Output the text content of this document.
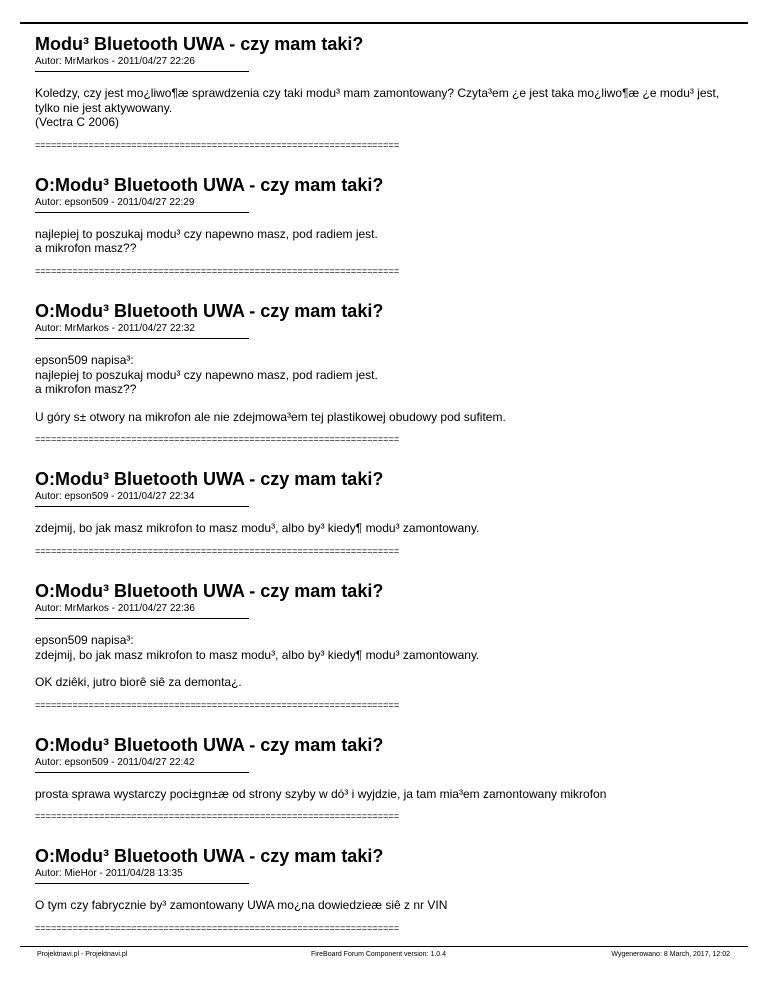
Modu³ Bluetooth UWA - czy mam taki?
Autor: MrMarkos - 2011/04/27 22:26

Koledzy, czy jest mo¿liwo¶æ sprawdzenia czy taki modu³ mam zamontowany? Czyta³em ¿e jest taka mo¿liwo¶æ ¿e modu³ jest, tylko nie jest aktywowany.

(Vectra C 2006)

====================================================================
O:Modu³ Bluetooth UWA - czy mam taki?
Autor: epson509 - 2011/04/27 22:29

najlepiej to poszukaj modu³ czy napewno masz, pod radiem jest.

a mikrofon masz??

====================================================================
O:Modu³ Bluetooth UWA - czy mam taki?
Autor: MrMarkos - 2011/04/27 22:32

epson509 napisa³:

najlepiej to poszukaj modu³ czy napewno masz, pod radiem jest.

a mikrofon masz??

U góry s± otwory na mikrofon ale nie zdejmowa³em tej plastikowej obudowy pod sufitem.

====================================================================
O:Modu³ Bluetooth UWA - czy mam taki?
Autor: epson509 - 2011/04/27 22:34

zdejmij, bo jak masz mikrofon to masz modu³, albo by³ kiedy¶ modu³ zamontowany.

====================================================================
O:Modu³ Bluetooth UWA - czy mam taki?
Autor: MrMarkos - 2011/04/27 22:36

epson509 napisa³:

zdejmij, bo jak masz mikrofon to masz modu³, albo by³ kiedy¶ modu³ zamontowany.

OK dziêki, jutro biorê siê za demonta¿.

====================================================================
O:Modu³ Bluetooth UWA - czy mam taki?
Autor: epson509 - 2011/04/27 22:42

prosta sprawa wystarczy poci±gn±æ od strony szyby w dó³ i wyjdzie, ja tam mia³em zamontowany mikrofon

====================================================================
O:Modu³ Bluetooth UWA - czy mam taki?
Autor: MieHor - 2011/04/28 13:35

O tym czy fabrycznie by³ zamontowany UWA mo¿na dowiedzieæ siê z nr VIN

====================================================================
Projektnavi.pl - Projektnavi.pl	FireBoard Forum Component version: 1.0.4	Wygenerowano: 8 March, 2017, 12:02
